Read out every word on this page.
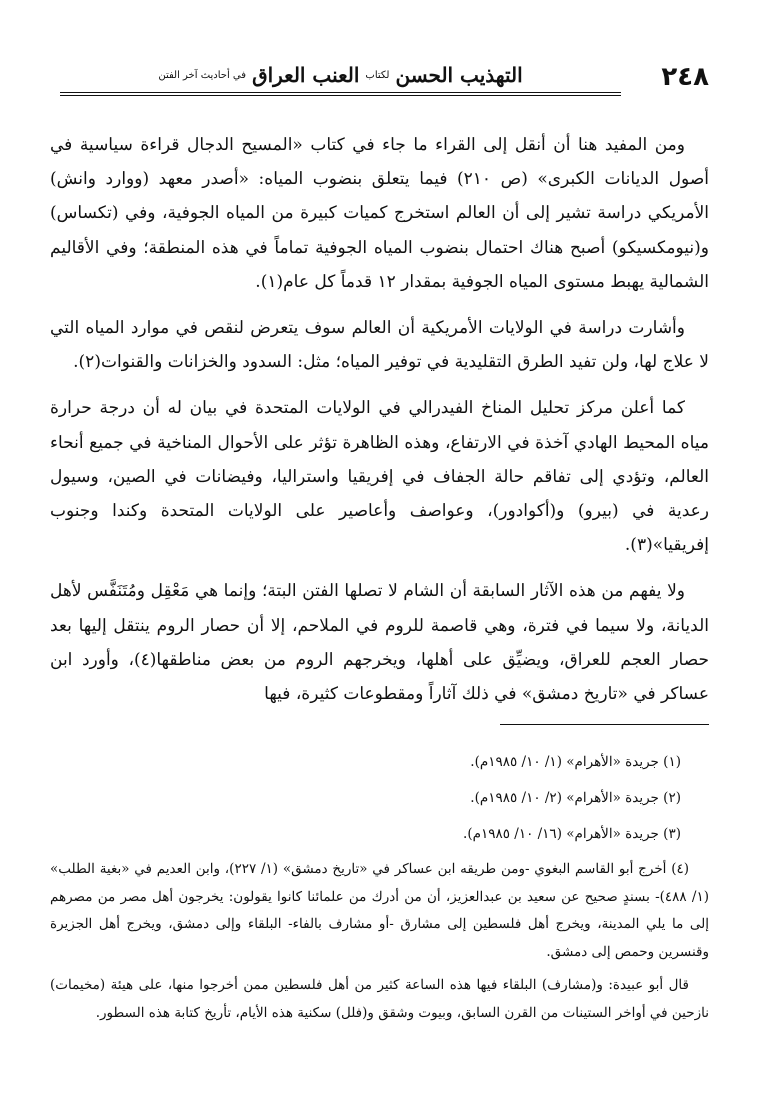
٢٤٨
التهذيب الحسن
لكتاب
العنب العراق
في أحاديث آخر الفتن

ومن المفيد هنا أن أنقل إلى القراء ما جاء في كتاب «المسيح الدجال قراءة سياسية في أصول الديانات الكبرى» (ص ٢١٠) فيما يتعلق بنضوب المياه: «أصدر معهد (ووارد وانش) الأمريكي دراسة تشير إلى أن العالم استخرج كميات كبيرة من المياه الجوفية، وفي (تكساس) و(نيومكسيكو) أصبح هناك احتمال بنضوب المياه الجوفية تماماً في هذه المنطقة؛ وفي الأقاليم الشمالية يهبط مستوى المياه الجوفية بمقدار ١٢ قدماً كل عام(١).

وأشارت دراسة في الولايات الأمريكية أن العالم سوف يتعرض لنقص في موارد المياه التي لا علاج لها، ولن تفيد الطرق التقليدية في توفير المياه؛ مثل: السدود والخزانات والقنوات(٢).

كما أعلن مركز تحليل المناخ الفيدرالي في الولايات المتحدة في بيان له أن درجة حرارة مياه المحيط الهادي آخذة في الارتفاع، وهذه الظاهرة تؤثر على الأحوال المناخية في جميع أنحاء العالم، وتؤدي إلى تفاقم حالة الجفاف في إفريقيا واستراليا، وفيضانات في الصين، وسيول رعدية في (بيرو) و(أكوادور)، وعواصف وأعاصير على الولايات المتحدة وكندا وجنوب إفريقيا»(٣).

ولا يفهم من هذه الآثار السابقة أن الشام لا تصلها الفتن البتة؛ وإنما هي مَعْقِل ومُتَنَفَّس لأهل الديانة، ولا سيما في فترة، وهي قاصمة للروم في الملاحم، إلا أن حصار الروم ينتقل إليها بعد حصار العجم للعراق، ويضيِّق على أهلها، ويخرجهم الروم من بعض مناطقها(٤)، وأورد ابن عساكر في «تاريخ دمشق» في ذلك آثاراً ومقطوعات كثيرة، فيها

(١) جريدة «الأهرام» (١/ ١٠/ ١٩٨٥م).

(٢) جريدة «الأهرام» (٢/ ١٠/ ١٩٨٥م).

(٣) جريدة «الأهرام» (١٦/ ١٠/ ١٩٨٥م).

(٤) أخرج أبو القاسم البغوي -ومن طريقه ابن عساكر في «تاريخ دمشق» (١/ ٢٢٧)، وابن العديم في «بغية الطلب» (١/ ٤٨٨)- بسندٍ صحيح عن سعيد بن عبدالعزيز، أن من أدرك من علمائنا كانوا يقولون: يخرجون أهل مصر من مصرهم إلى ما يلي المدينة، ويخرج أهل فلسطين إلى مشارق -أو مشارف بالفاء- البلقاء وإلى دمشق، ويخرج أهل الجزيرة وقنسرين وحمص إلى دمشق.

قال أبو عبيدة: و(مشارف) البلقاء فيها هذه الساعة كثير من أهل فلسطين ممن أخرجوا منها، على هيئة (مخيمات) نازحين في أواخر الستينات من القرن السابق، وبيوت وشقق و(فلل) سكنية هذه الأيام، تأريخ كتابة هذه السطور.
